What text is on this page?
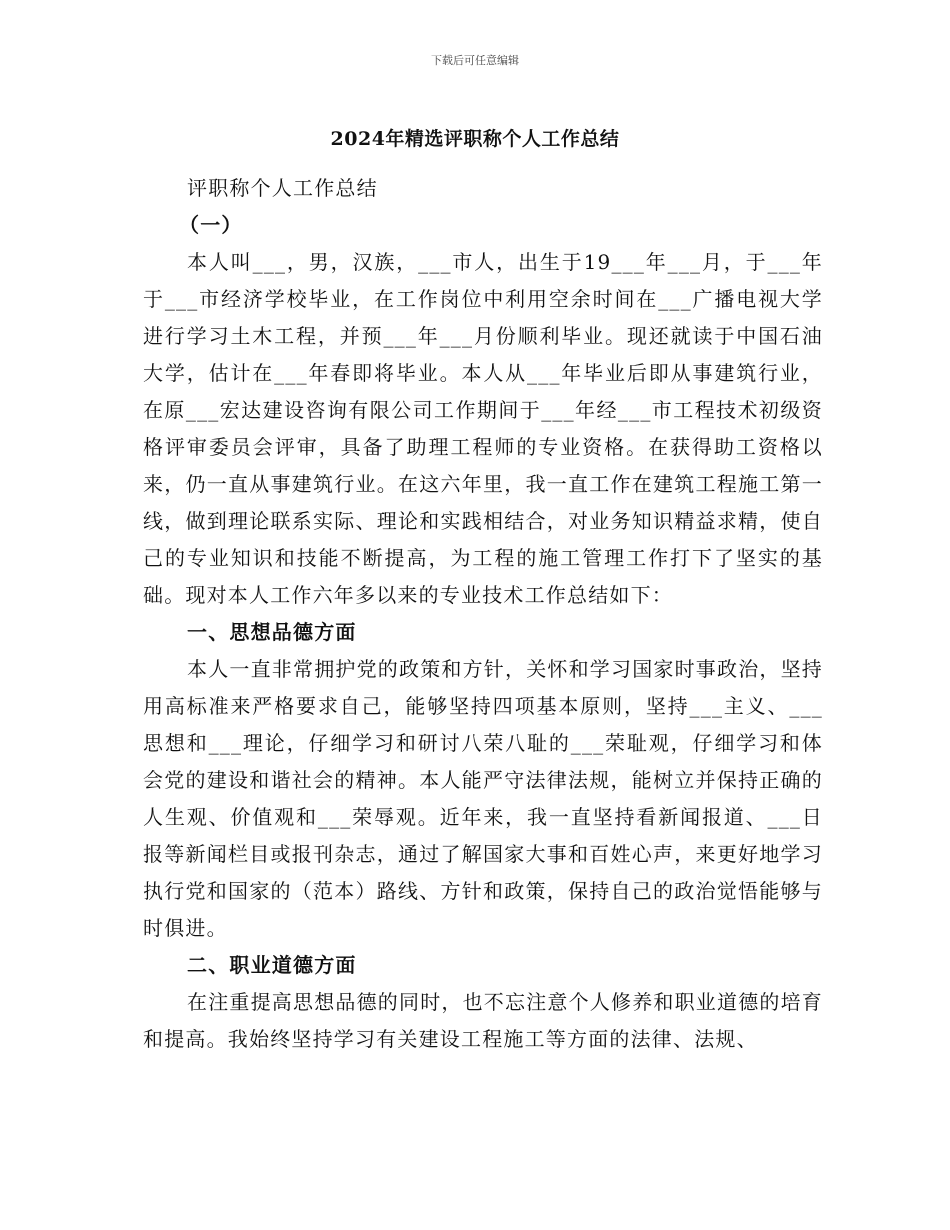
下载后可任意编辑
2024年精选评职称个人工作总结

评职称个人工作总结

（一）

本人叫___，男，汉族，___市人，出生于19___年___月，于___年于___市经济学校毕业，在工作岗位中利用空余时间在___广播电视大学进行学习土木工程，并预___年___月份顺利毕业。现还就读于中国石油大学，估计在___年春即将毕业。本人从___年毕业后即从事建筑行业，在原___宏达建设咨询有限公司工作期间于___年经___市工程技术初级资格评审委员会评审，具备了助理工程师的专业资格。在获得助工资格以来，仍一直从事建筑行业。在这六年里，我一直工作在建筑工程施工第一线，做到理论联系实际、理论和实践相结合，对业务知识精益求精，使自己的专业知识和技能不断提高，为工程的施工管理工作打下了坚实的基础。现对本人工作六年多以来的专业技术工作总结如下：

一、思想品德方面

本人一直非常拥护党的政策和方针，关怀和学习国家时事政治，坚持用高标准来严格要求自己，能够坚持四项基本原则，坚持___主义、___思想和___理论，仔细学习和研讨八荣八耻的___荣耻观，仔细学习和体会党的建设和谐社会的精神。本人能严守法律法规，能树立并保持正确的人生观、价值观和___荣辱观。近年来，我一直坚持看新闻报道、___日报等新闻栏目或报刊杂志，通过了解国家大事和百姓心声，来更好地学习执行党和国家的（范本）路线、方针和政策，保持自己的政治觉悟能够与时俱进。

二、职业道德方面

在注重提高思想品德的同时，也不忘注意个人修养和职业道德的培育和提高。我始终坚持学习有关建设工程施工等方面的法律、法规、
